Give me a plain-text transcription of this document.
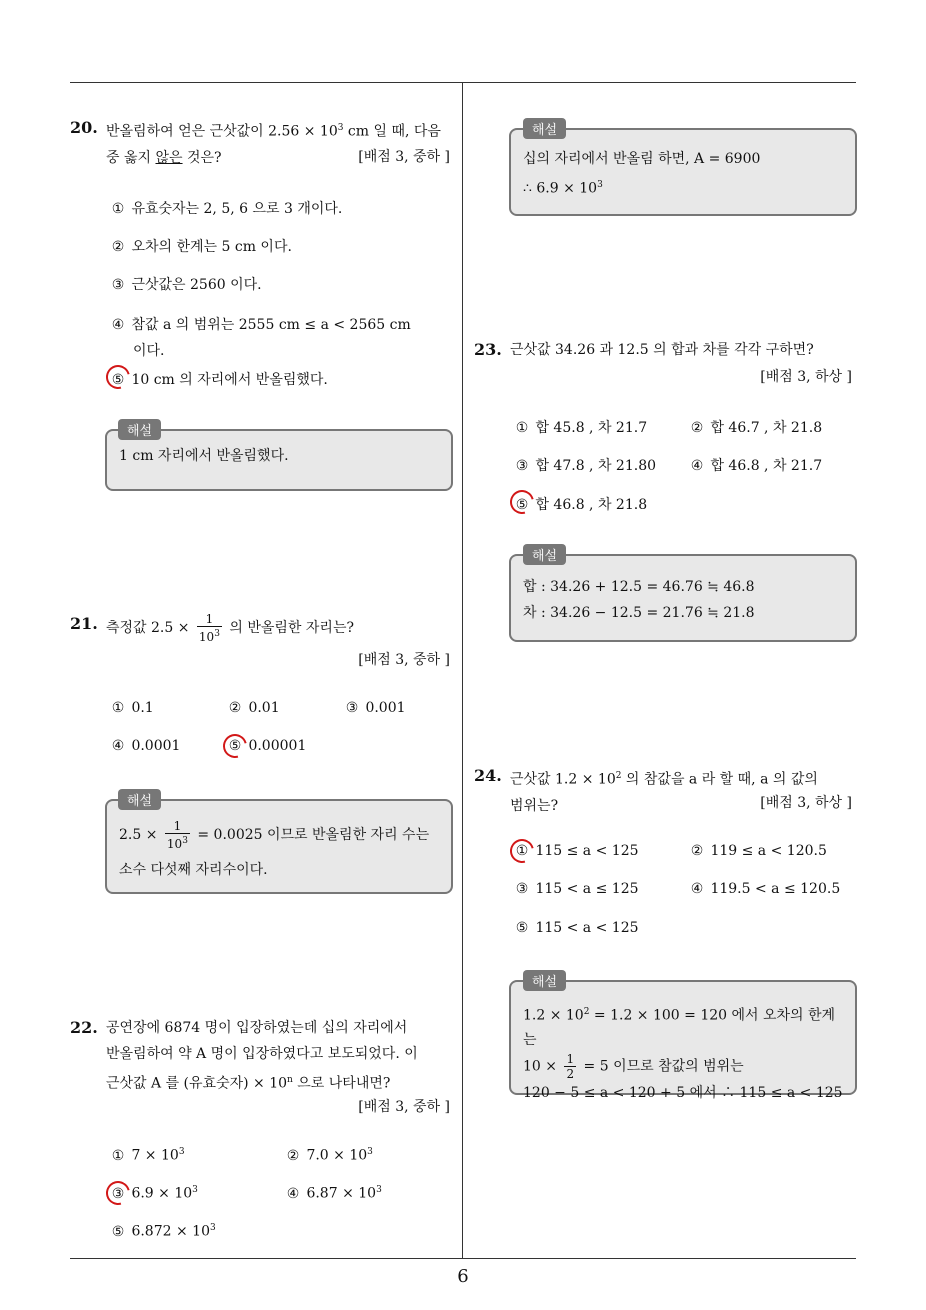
6
20. 반올림하여 얻은 근삿값이 $2.56 \times 10^3$ cm 일 때, 다음
중 옳지 않은 것은?	[배점 3, 중하 ]
① 유효숫자는 2, 5, 6 으로 3 개이다.
② 오차의 한계는 5 cm 이다.
③ 근삿값은 2560 이다.
④ 참값 a 의 범위는 2555 cm ≤ a < 2565 cm
이다.
⑤ 10 cm 의 자리에서 반올림했다.
1 cm 자리에서 반올림했다.
해설
21. 측정값 $2.5 \times \frac{1}{10^3}$ 의 반올림한 자리는?
[배점 3, 중하 ]
① 0.1	② 0.01	③ 0.001
④ 0.0001	⑤ 0.00001
$2.5 \times \frac{1}{10^3} = 0.0025$ 이므로 반올림한 자리 수는
소수 다섯째 자리수이다.
해설
22. 공연장에 6874 명이 입장하였는데 십의 자리에서
반올림하여 약 A 명이 입장하였다고 보도되었다. 이
근삿값 A 를 (유효숫자) × $10^n$ 으로 나타내면?
[배점 3, 중하 ]
① $7 \times 10^3$	② $7.0 \times 10^3$
③ $6.9 \times 10^3$	④ $6.87 \times 10^3$
⑤ $6.872 \times 10^3$
십의 자리에서 반올림 하면, A = 6900
∴ $6.9 \times 10^3$
해설
23. 근삿값 34.26 과 12.5 의 합과 차를 각각 구하면?
[배점 3, 하상 ]
① 합 45.8 , 차 21.7	② 합 46.7 , 차 21.8
③ 합 47.8 , 차 21.80 ④ 합 46.8 , 차 21.7
⑤ 합 46.8 , 차 21.8
합 : 34.26 + 12.5 = 46.76 ≒ 46.8
차 : 34.26 − 12.5 = 21.76 ≒ 21.8
해설
24. 근삿값 $1.2 \times 10^2$ 의 참값을 a 라 할 때, a 의 값의
범위는?	[배점 3, 하상 ]
① 115 ≤ a < 125	② 119 ≤ a < 120.5
③ 115 < a ≤ 125	④ 119.5 < a ≤ 120.5
⑤ 115 < a < 125
$1.2 \times 10^2 = 1.2 \times 100 = 120$ 에서 오차의 한계는
$10 \times \frac{1}{2} = 5$ 이므로 참값의 범위는
120 − 5 ≤ a < 120 + 5 에서 ∴ 115 ≤ a < 125
해설
